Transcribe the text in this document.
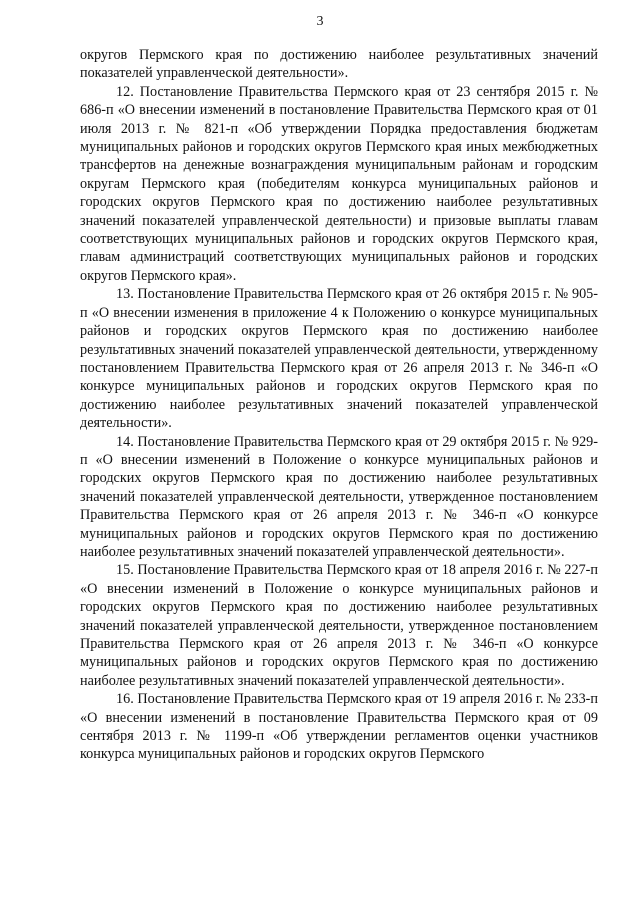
3

округов Пермского края по достижению наиболее результативных значений показателей управленческой деятельности».

12. Постановление Правительства Пермского края от 23 сентября 2015 г. № 686-п «О внесении изменений в постановление Правительства Пермского края от 01 июля 2013 г. № 821-п «Об утверждении Порядка предоставления бюджетам муниципальных районов и городских округов Пермского края иных межбюджетных трансфертов на денежные вознаграждения муниципальным районам и городским округам Пермского края (победителям конкурса муниципальных районов и городских округов Пермского края по достижению наиболее результативных значений показателей управленческой деятельности) и призовые выплаты главам соответствующих муниципальных районов и городских округов Пермского края, главам администраций соответствующих муниципальных районов и городских округов Пермского края».

13. Постановление Правительства Пермского края от 26 октября 2015 г. № 905-п «О внесении изменения в приложение 4 к Положению о конкурсе муниципальных районов и городских округов Пермского края по достижению наиболее результативных значений показателей управленческой деятельности, утвержденному постановлением Правительства Пермского края от 26 апреля 2013 г. № 346-п «О конкурсе муниципальных районов и городских округов Пермского края по достижению наиболее результативных значений показателей управленческой деятельности».

14. Постановление Правительства Пермского края от 29 октября 2015 г. № 929-п «О внесении изменений в Положение о конкурсе муниципальных районов и городских округов Пермского края по достижению наиболее результативных значений показателей управленческой деятельности, утвержденное постановлением Правительства Пермского края от 26 апреля 2013 г. № 346-п «О конкурсе муниципальных районов и городских округов Пермского края по достижению наиболее результативных значений показателей управленческой деятельности».

15. Постановление Правительства Пермского края от 18 апреля 2016 г. № 227-п «О внесении изменений в Положение о конкурсе муниципальных районов и городских округов Пермского края по достижению наиболее результативных значений показателей управленческой деятельности, утвержденное постановлением Правительства Пермского края от 26 апреля 2013 г. № 346-п «О конкурсе муниципальных районов и городских округов Пермского края по достижению наиболее результативных значений показателей управленческой деятельности».

16. Постановление Правительства Пермского края от 19 апреля 2016 г. № 233-п «О внесении изменений в постановление Правительства Пермского края от 09 сентября 2013 г. № 1199-п «Об утверждении регламентов оценки участников конкурса муниципальных районов и городских округов Пермского
